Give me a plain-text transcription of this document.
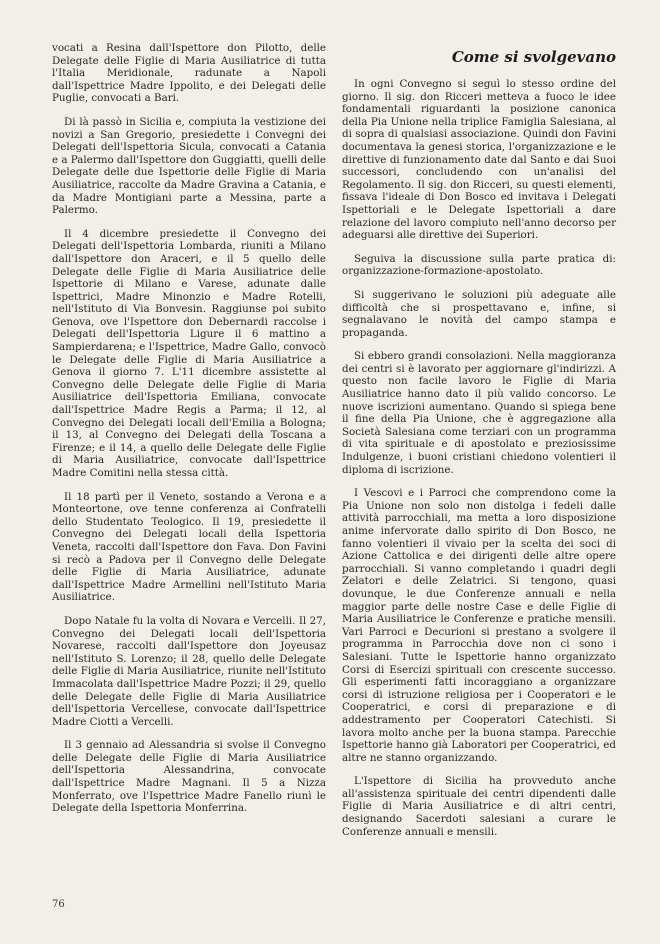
vocati a Resina dall'Ispettore don Pilotto, delle Delegate delle Figlie di Maria Ausiliatrice di tutta l'Italia Meridionale, radunate a Napoli dall'Ispettrice Madre Ippolito, e dei Delegati delle Puglie, convocati a Bari.

Di là passò in Sicilia e, compiuta la vestizione dei novizi a San Gregorio, presiedette i Convegni dei Delegati dell'Ispettoria Sicula, convocati a Catania e a Palermo dall'Ispettore don Guggiatti, quelli delle Delegate delle due Ispettorie delle Figlie di Maria Ausiliatrice, raccolte da Madre Gravina a Catania, e da Madre Montigiani parte a Messina, parte a Palermo.

Il 4 dicembre presiedette il Convegno dei Delegati dell'Ispettoria Lombarda, riuniti a Milano dall'Ispettore don Araceri, e il 5 quello delle Delegate delle Figlie di Maria Ausiliatrice delle Ispettorie di Milano e Varese, adunate dalle Ispettrici, Madre Minonzio e Madre Rotelli, nell'Istituto di Via Bonvesin. Raggiunse poi subito Genova, ove l'Ispettore don Debernardi raccolse i Delegati dell'Ispettoria Ligure il 6 mattino a Sampierdarena; e l'Ispettrice, Madre Gallo, convocò le Delegate delle Figlie di Maria Ausiliatrice a Genova il giorno 7. L'11 dicembre assistette al Convegno delle Delegate delle Figlie di Maria Ausiliatrice dell'Ispettoria Emiliana, convocate dall'Ispettrice Madre Regis a Parma; il 12, al Convegno dei Delegati locali dell'Emilia a Bologna; il 13, al Convegno dei Delegati della Toscana a Firenze; e il 14, a quello delle Delegate delle Figlie di Maria Ausiliatrice, convocate dall'Ispettrice Madre Comitini nella stessa città.

Il 18 partì per il Veneto, sostando a Verona e a Monteortone, ove tenne conferenza ai Confratelli dello Studentato Teologico. Il 19, presiedette il Convegno dei Delegati locali della Ispettoria Veneta, raccolti dall'Ispettore don Fava. Don Favini si recò a Padova per il Convegno delle Delegate delle Figlie di Maria Ausiliatrice, adunate dall'Ispettrice Madre Armellini nell'Istituto Maria Ausiliatrice.

Dopo Natale fu la volta di Novara e Vercelli. Il 27, Convegno dei Delegati locali dell'Ispettoria Novarese, raccolti dall'Ispettore don Joyeusaz nell'Istituto S. Lorenzo; il 28, quello delle Delegate delle Figlie di Maria Ausiliatrice, riunite nell'Istituto Immacolata dall'Ispettrice Madre Pozzi; il 29, quello delle Delegate delle Figlie di Maria Ausiliatrice dell'Ispettoria Vercellese, convocate dall'Ispettrice Madre Ciotti a Vercelli.

Il 3 gennaio ad Alessandria si svolse il Convegno delle Delegate delle Figlie di Maria Ausiliatrice dell'Ispettoria Alessandrina, convocate dall'Ispettrice Madre Magnani. Il 5 a Nizza Monferrato, ove l'Ispettrice Madre Fanello riunì le Delegate della Ispettoria Monferrina.

Come si svolgevano

In ogni Convegno si seguì lo stesso ordine del giorno. Il sig. don Ricceri metteva a fuoco le idee fondamentali riguardanti la posizione canonica della Pia Unione nella triplice Famiglia Salesiana, al di sopra di qualsiasi associazione. Quindi don Favini documentava la genesi storica, l'organizzazione e le direttive di funzionamento date dal Santo e dai Suoi successori, concludendo con un'analisi del Regolamento. Il sig. don Ricceri, su questi elementi, fissava l'ideale di Don Bosco ed invitava i Delegati Ispettoriali e le Delegate Ispettoriali a dare relazione del lavoro compiuto nell'anno decorso per adeguarsi alle direttive dei Superiori.

Seguiva la discussione sulla parte pratica di: organizzazione-formazione-apostolato.

Si suggerivano le soluzioni più adeguate alle difficoltà che si prospettavano e, infine, si segnalavano le novità del campo stampa e propaganda.

Si ebbero grandi consolazioni. Nella maggioranza dei centri si è lavorato per aggiornare gl'indirizzi. A questo non facile lavoro le Figlie di Maria Ausiliatrice hanno dato il più valido concorso. Le nuove iscrizioni aumentano. Quando si spiega bene il fine della Pia Unione, che è aggregazione alla Società Salesiana come terziari con un programma di vita spirituale e di apostolato e preziosissime Indulgenze, i buoni cristiani chiedono volentieri il diploma di iscrizione.

I Vescovi e i Parroci che comprendono come la Pia Unione non solo non distolga i fedeli dalle attività parrocchiali, ma metta a loro disposizione anime infervorate dallo spirito di Don Bosco, ne fanno volentieri il vivaio per la scelta dei soci di Azione Cattolica e dei dirigenti delle altre opere parrocchiali. Si vanno completando i quadri degli Zelatori e delle Zelatrici. Si tengono, quasi dovunque, le due Conferenze annuali e nella maggior parte delle nostre Case e delle Figlie di Maria Ausiliatrice le Conferenze e pratiche mensili. Vari Parroci e Decurioni si prestano a svolgere il programma in Parrocchia dove non ci sono i Salesiani. Tutte le Ispettorie hanno organizzato Corsi di Esercizi spirituali con crescente successo. Gli esperimenti fatti incoraggiano a organizzare corsi di istruzione religiosa per i Cooperatori e le Cooperatrici, e corsi di preparazione e di addestramento per Cooperatori Catechisti. Si lavora molto anche per la buona stampa. Parecchie Ispettorie hanno già Laboratori per Cooperatrici, ed altre ne stanno organizzando.

L'Ispettore di Sicilia ha provveduto anche all'assistenza spirituale dei centri dipendenti dalle Figlie di Maria Ausiliatrice e di altri centri, designando Sacerdoti salesiani a curare le Conferenze annuali e mensili.

76
